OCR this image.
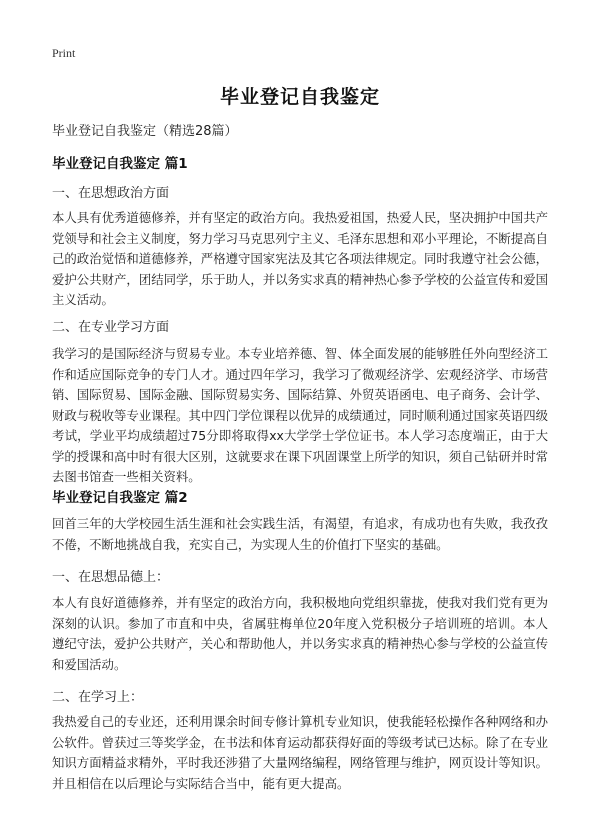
Print
毕业登记自我鉴定
毕业登记自我鉴定（精选28篇）
毕业登记自我鉴定 篇1
一、在思想政治方面
本人具有优秀道德修养，并有坚定的政治方向。我热爱祖国，热爱人民，坚决拥护中国共产党领导和社会主义制度，努力学习马克思列宁主义、毛泽东思想和邓小平理论，不断提高自己的政治觉悟和道德修养，严格遵守国家宪法及其它各项法律规定。同时我遵守社会公德，爱护公共财产，团结同学，乐于助人，并以务实求真的精神热心参予学校的公益宣传和爱国主义活动。
二、在专业学习方面
我学习的是国际经济与贸易专业。本专业培养德、智、体全面发展的能够胜任外向型经济工作和适应国际竞争的专门人才。通过四年学习，我学习了微观经济学、宏观经济学、市场营销、国际贸易、国际金融、国际贸易实务、国际结算、外贸英语函电、电子商务、会计学、财政与税收等专业课程。其中四门学位课程以优异的成绩通过，同时顺利通过国家英语四级考试，学业平均成绩超过75分即将取得xx大学学士学位证书。本人学习态度端正，由于大学的授课和高中时有很大区别，这就要求在课下巩固课堂上所学的知识，须自己钻研并时常去图书馆查一些相关资料。
毕业登记自我鉴定 篇2
回首三年的大学校园生活生涯和社会实践生活，有渴望，有追求，有成功也有失败，我孜孜不倦，不断地挑战自我，充实自己，为实现人生的价值打下坚实的基础。
一、在思想品德上：
本人有良好道德修养，并有坚定的政治方向，我积极地向党组织靠拢，使我对我们党有更为深刻的认识。参加了市直和中央，省属驻梅单位20年度入党积极分子培训班的培训。本人遵纪守法，爱护公共财产，关心和帮助他人，并以务实求真的精神热心参与学校的公益宣传和爱国活动。
二、在学习上：
我热爱自己的专业还，还利用课余时间专修计算机专业知识，使我能轻松操作各种网络和办公软件。曾获过三等奖学金，在书法和体育运动都获得好面的等级考试已达标。除了在专业知识方面精益求精外，平时我还涉猎了大量网络编程，网络管理与维护，网页设计等知识。并且相信在以后理论与实际结合当中，能有更大提高。
